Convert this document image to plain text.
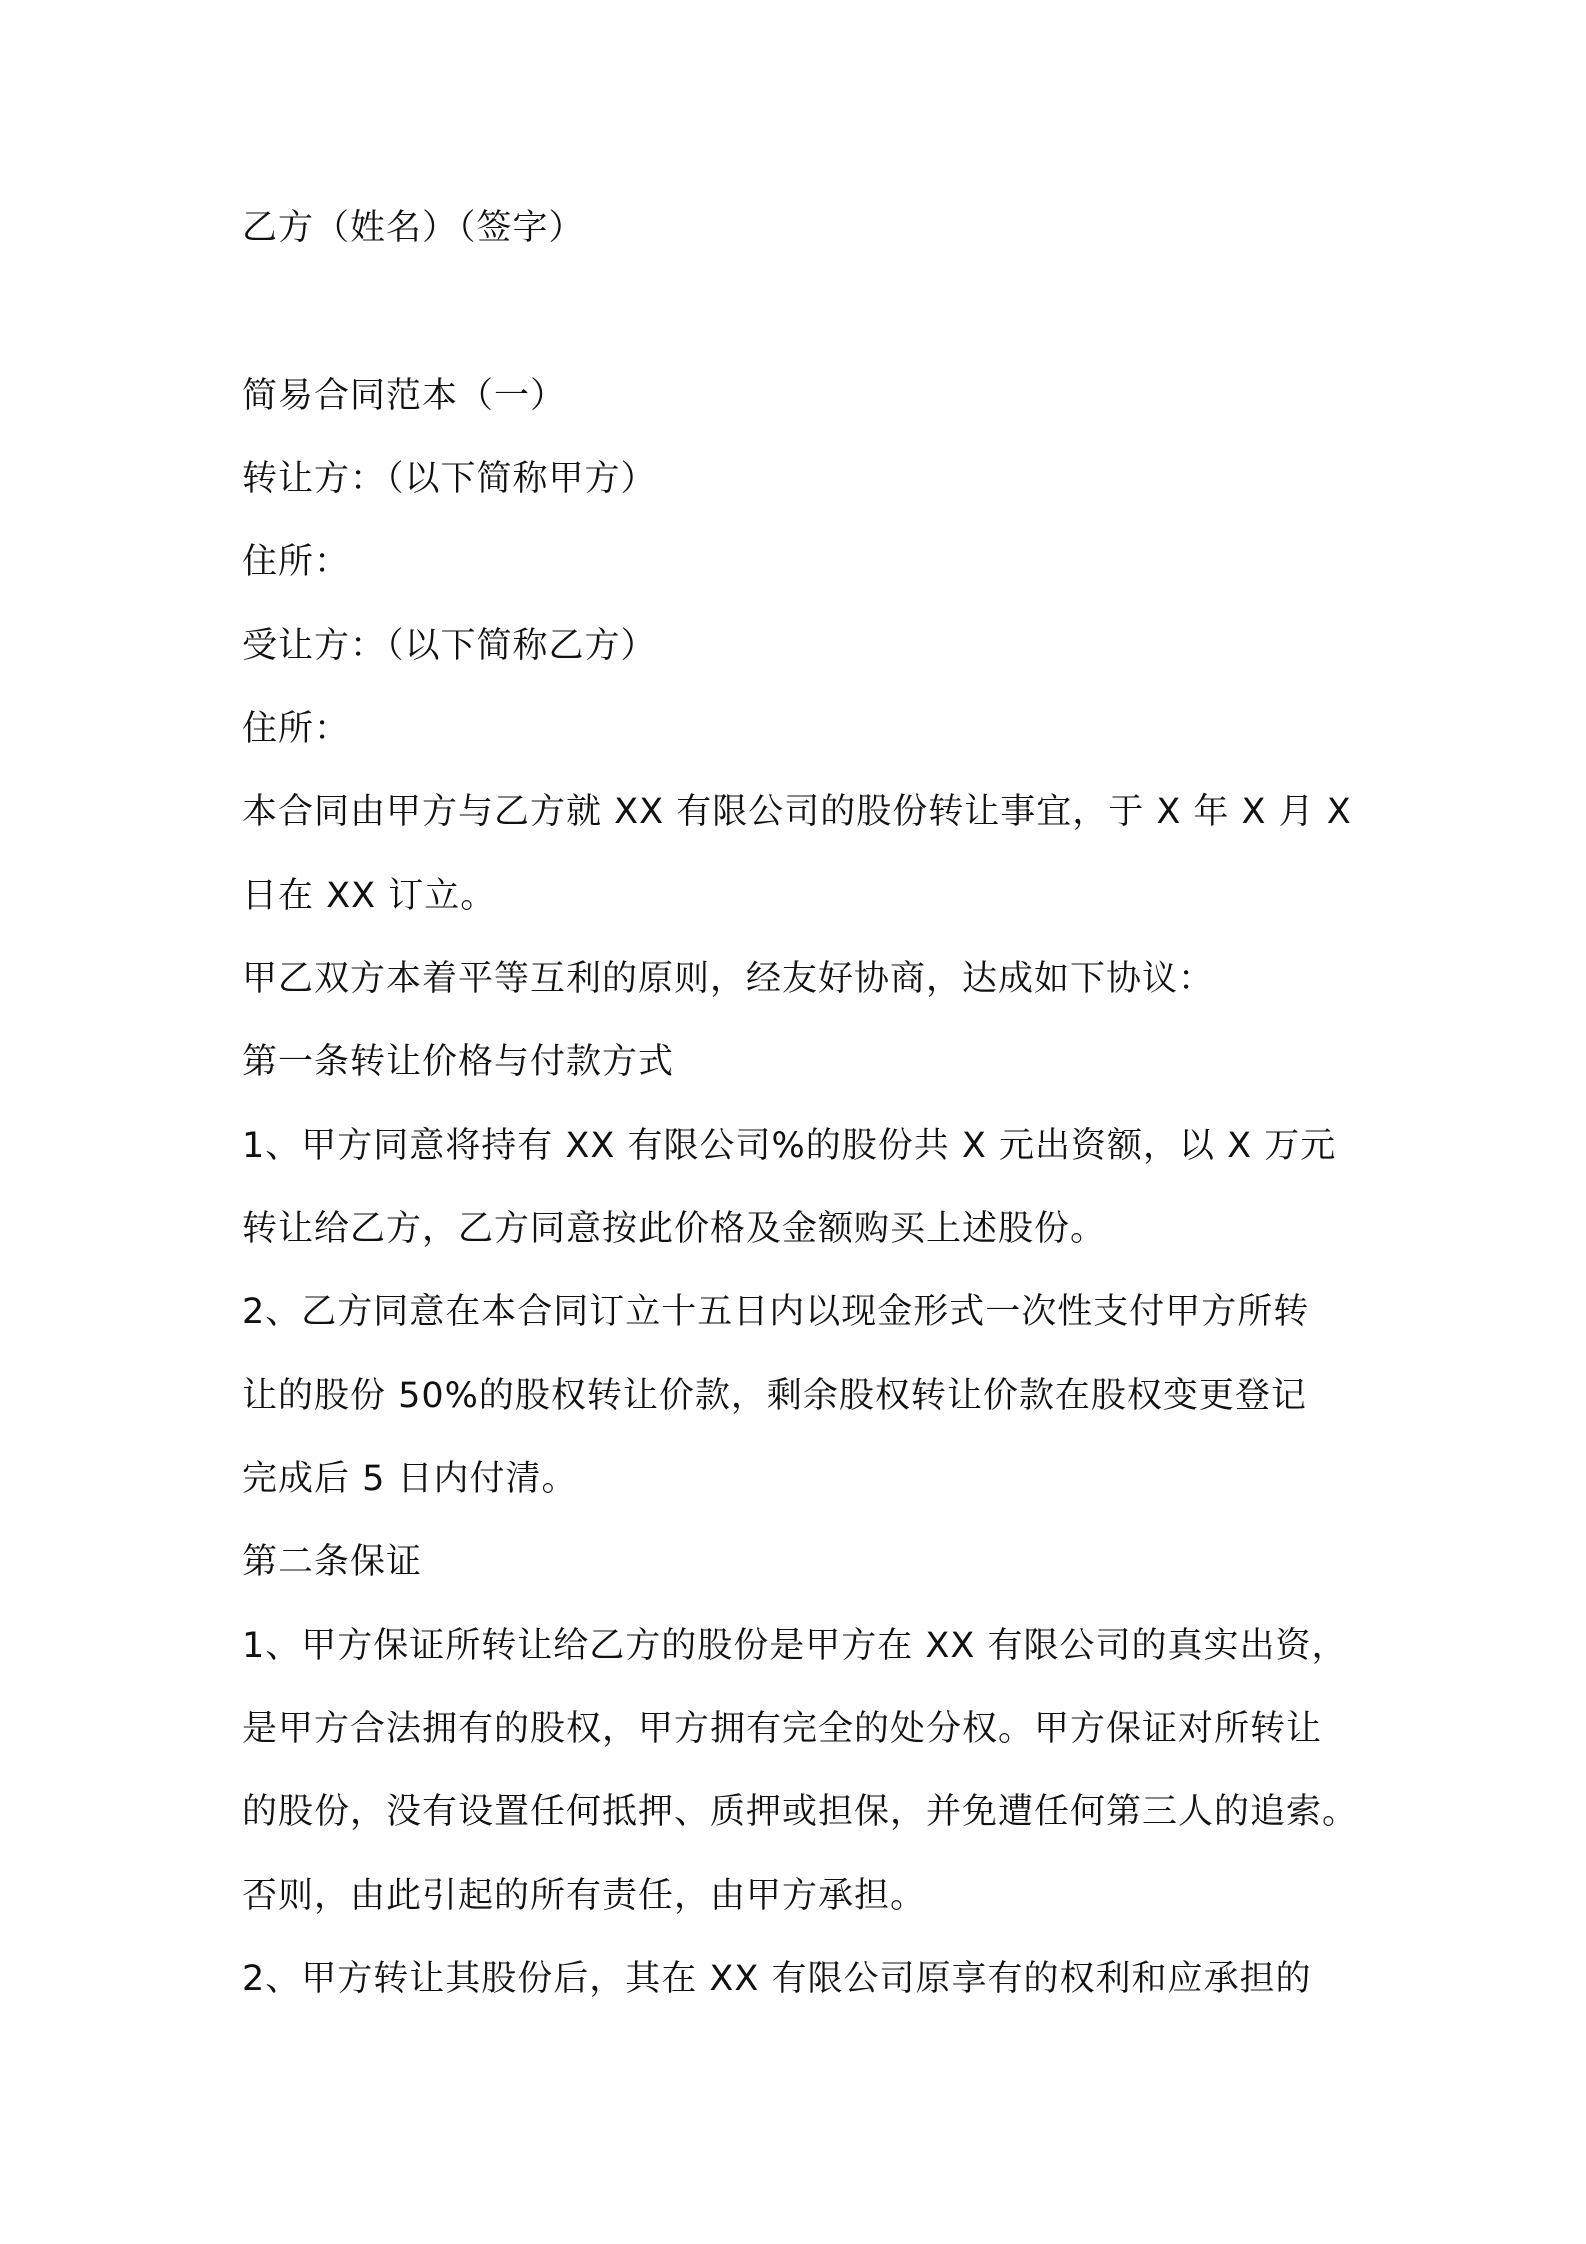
乙方（姓名）（签字）
简易合同范本（一）
转让方：（以下简称甲方）
住所：
受让方：（以下简称乙方）
住所：
本合同由甲方与乙方就 XX 有限公司的股份转让事宜，于 X 年 X 月 X
日在 XX 订立。
甲乙双方本着平等互利的原则，经友好协商，达成如下协议：
第一条转让价格与付款方式
1、甲方同意将持有 XX 有限公司%的股份共 X 元出资额，以 X 万元
转让给乙方，乙方同意按此价格及金额购买上述股份。
2、乙方同意在本合同订立十五日内以现金形式一次性支付甲方所转
让的股份 50%的股权转让价款，剩余股权转让价款在股权变更登记
完成后 5 日内付清。
第二条保证
1、甲方保证所转让给乙方的股份是甲方在 XX 有限公司的真实出资，
是甲方合法拥有的股权，甲方拥有完全的处分权。甲方保证对所转让
的股份，没有设置任何抵押、质押或担保，并免遭任何第三人的追索。
否则，由此引起的所有责任，由甲方承担。
2、甲方转让其股份后，其在 XX 有限公司原享有的权利和应承担的
